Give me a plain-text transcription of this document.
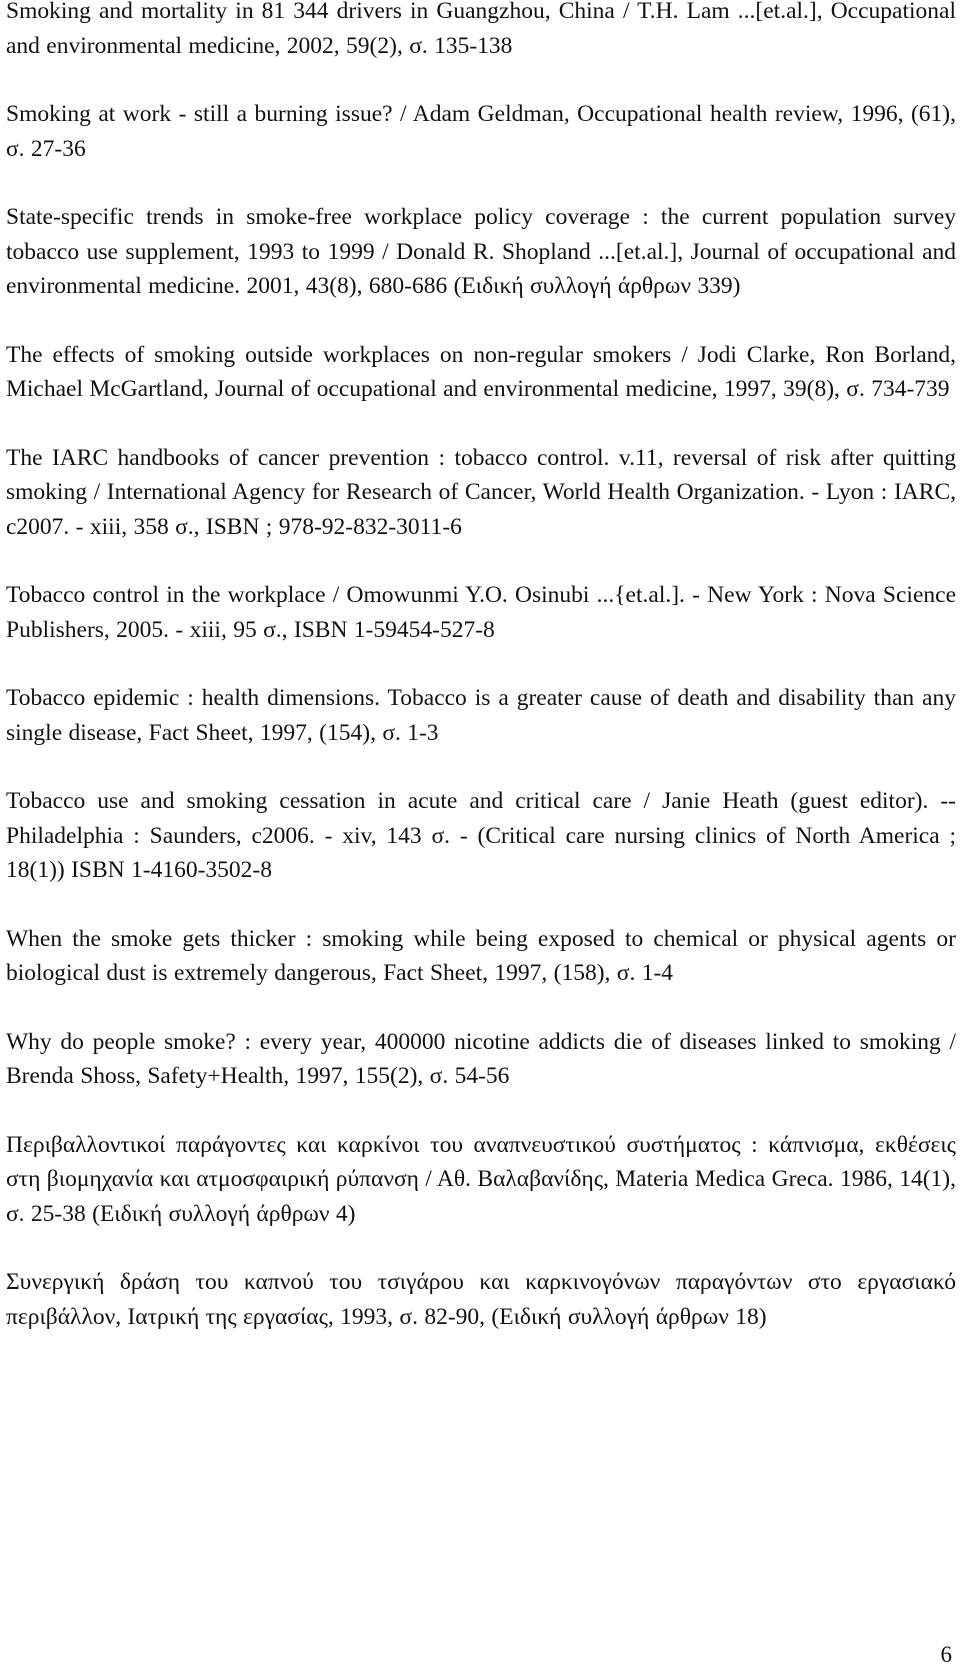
Smoking and mortality in 81 344 drivers in Guangzhou, China / T.H. Lam ...[et.al.], Occupational and environmental medicine, 2002, 59(2), σ. 135-138

Smoking at work - still a burning issue? / Adam Geldman, Occupational health review, 1996, (61), σ. 27-36

State-specific trends in smoke-free workplace policy coverage : the current population survey tobacco use supplement, 1993 to 1999 / Donald R. Shopland ...[et.al.], Journal of occupational and environmental medicine. 2001, 43(8), 680-686 (Ειδική συλλογή άρθρων 339)

The effects of smoking outside workplaces on non-regular smokers / Jodi Clarke, Ron Borland, Michael McGartland, Journal of occupational and environmental medicine, 1997, 39(8), σ. 734-739

The IARC handbooks of cancer prevention : tobacco control. v.11, reversal of risk after quitting smoking / International Agency for Research of Cancer, World Health Organization. - Lyon : IARC, c2007. - xiii, 358 σ., ISBN ; 978-92-832-3011-6

Tobacco control in the workplace / Omowunmi Y.O. Osinubi ...{et.al.]. - New York : Nova Science Publishers, 2005. - xiii, 95 σ., ISBN 1-59454-527-8

Tobacco epidemic : health dimensions. Tobacco is a greater cause of death and disability than any single disease, Fact Sheet, 1997, (154), σ. 1-3

Tobacco use and smoking cessation in acute and critical care / Janie Heath (guest editor). -- Philadelphia : Saunders, c2006. - xiv, 143 σ. - (Critical care nursing clinics of North America ; 18(1)) ISBN 1-4160-3502-8

When the smoke gets thicker : smoking while being exposed to chemical or physical agents or biological dust is extremely dangerous, Fact Sheet, 1997, (158), σ. 1-4

Why do people smoke? : every year, 400000 nicotine addicts die of diseases linked to smoking / Brenda Shoss, Safety+Health, 1997, 155(2), σ. 54-56

Περιβαλλοντικοί παράγοντες και καρκίνοι του αναπνευστικού συστήματος : κάπνισμα, εκθέσεις στη βιομηχανία και ατμοσφαιρική ρύπανση / Αθ. Βαλαβανίδης, Materia Medica Greca. 1986, 14(1), σ. 25-38 (Ειδική συλλογή άρθρων 4)

Συνεργική δράση του καπνού του τσιγάρου και καρκινογόνων παραγόντων στο εργασιακό περιβάλλον, Ιατρική της εργασίας, 1993, σ. 82-90, (Ειδική συλλογή άρθρων 18)

6
